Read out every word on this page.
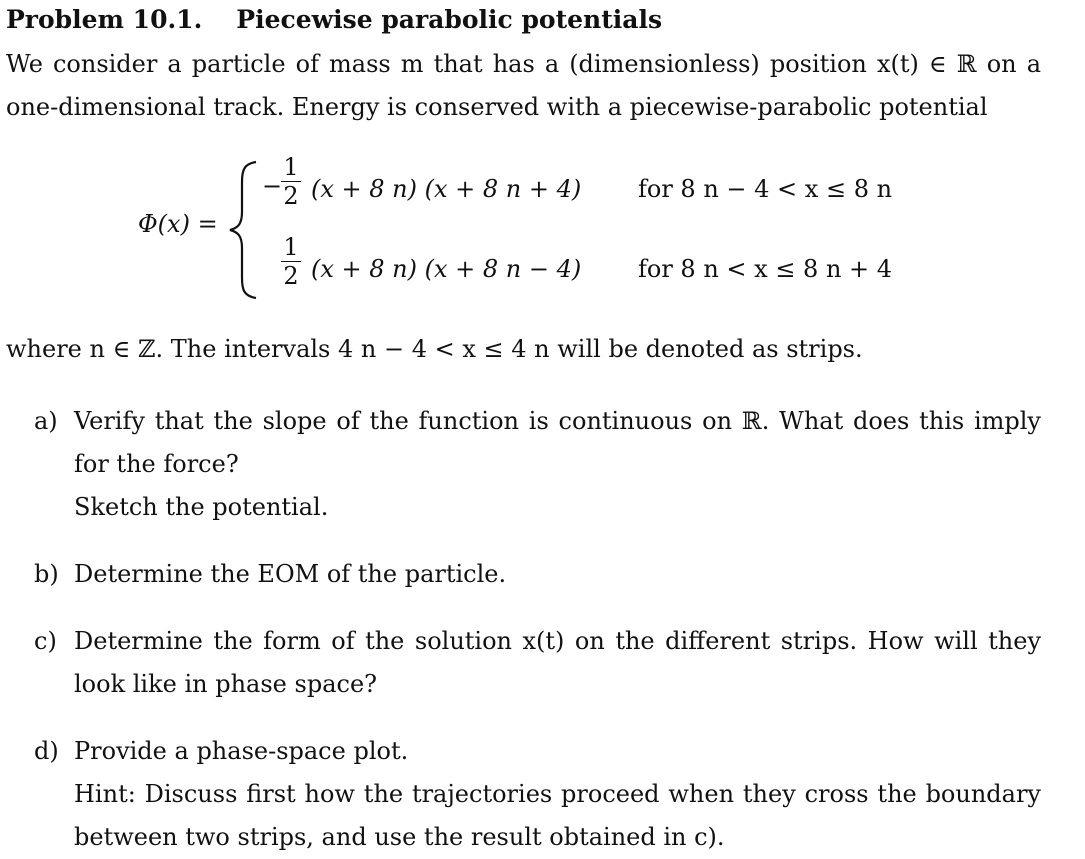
Problem 10.1. Piecewise parabolic potentials
We consider a particle of mass m that has a (dimensionless) position x(t) ∈ ℝ on a
one-dimensional track. Energy is conserved with a piecewise-parabolic potential
Φ(x) =
−
1
2 (x + 8 n) (x + 8 n + 4) for 8 n − 4 < x ≤ 8 n
1
2 (x + 8 n) (x + 8 n − 4) for 8 n < x ≤ 8 n + 4
where n ∈ ℤ. The intervals 4 n − 4 < x ≤ 4 n will be denoted as strips.
a) Verify that the slope of the function is continuous on ℝ. What does this imply
for the force?
Sketch the potential.
b) Determine the EOM of the particle.
c) Determine the form of the solution x(t) on the different strips. How will they
look like in phase space?
d) Provide a phase-space plot.
Hint: Discuss first how the trajectories proceed when they cross the boundary
between two strips, and use the result obtained in c).
